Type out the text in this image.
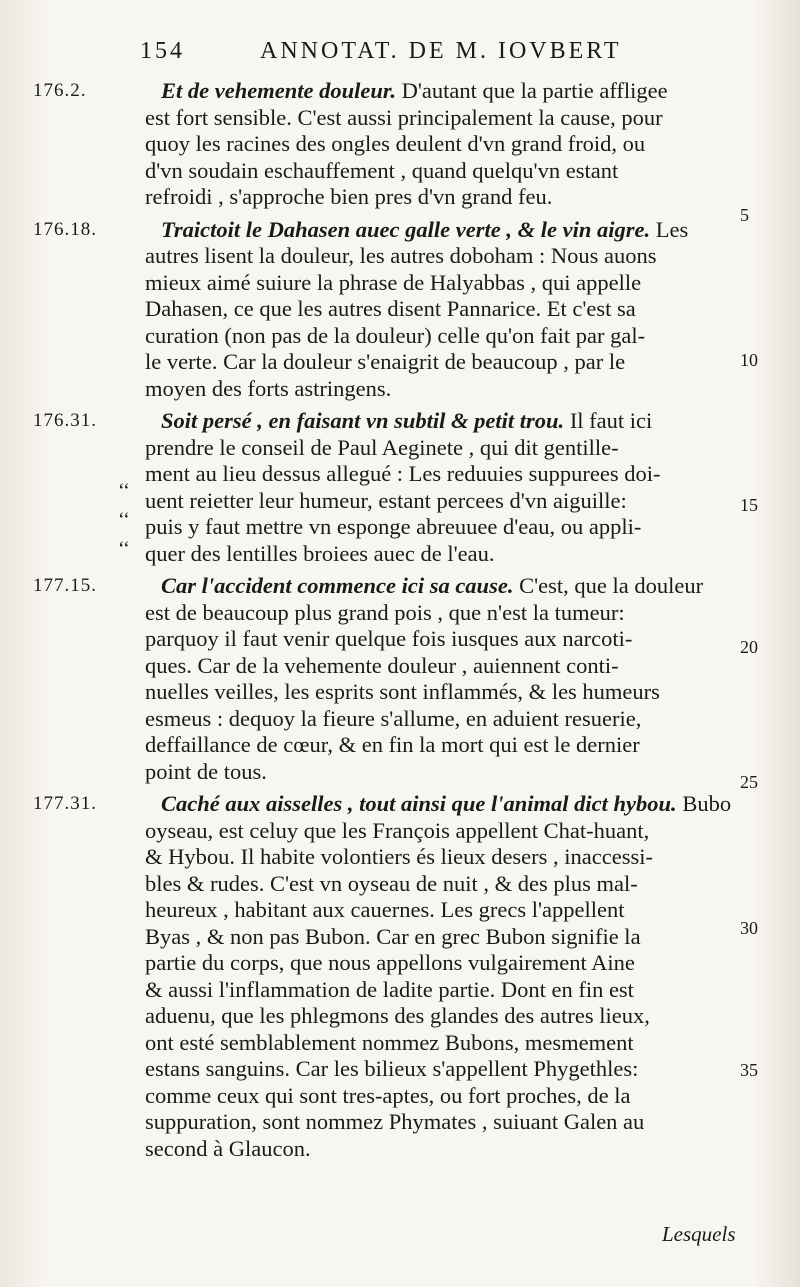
154	ANNOTAT. DE M. IOVBERT
176.2.	Et de vehemente douleur. D'autant que la partie affligee
est fort sensible. C'est aussi principalement la cause, pour
quoy les racines des ongles deulent d'vn grand froid, ou
d'vn soudain eschauffement , quand quelqu'vn estant
refroidi , s'approche bien pres d'vn grand feu.
176.18.	Traictoit le Dahasen auec galle verte , & le vin aigre. Les
autres lisent la douleur, les autres doboham : Nous auons
mieux aimé suiure la phrase de Halyabbas , qui appelle
Dahasen, ce que les autres disent Pannarice. Et c'est sa
curation (non pas de la douleur) celle qu'on fait par gal-
le verte. Car la douleur s'enaigrit de beaucoup , par le
moyen des forts astringens.
176.31.	Soit persé , en faisant vn subtil & petit trou. Il faut ici
prendre le conseil de Paul Aeginete , qui dit gentille-
ment au lieu dessus allegué : Les reduuies suppurees doi-
uent reietter leur humeur, estant percees d'vn aiguille:
puis y faut mettre vn esponge abreuuee d'eau, ou appli-
quer des lentilles broiees auec de l'eau.
177.15.	Car l'accident commence ici sa cause. C'est, que la douleur
est de beaucoup plus grand pois , que n'est la tumeur:
parquoy il faut venir quelque fois iusques aux narcoti-
ques. Car de la vehemente douleur , auiennent conti-
nuelles veilles, les esprits sont inflammés, & les humeurs
esmeus : dequoy la fieure s'allume, en aduient resuerie,
deffaillance de cœur, & en fin la mort qui est le dernier
point de tous.
177.31.	Caché aux aisselles , tout ainsi que l'animal dict hybou. Bubo
oyseau, est celuy que les François appellent Chat-huant,
& Hybou. Il habite volontiers és lieux desers , inaccessi-
bles & rudes. C'est vn oyseau de nuit , & des plus mal-
heureux , habitant aux cauernes. Les grecs l'appellent
Byas , & non pas Bubon. Car en grec Bubon signifie la
partie du corps, que nous appellons vulgairement Aine
& aussi l'inflammation de ladite partie. Dont en fin est
aduenu, que les phlegmons des glandes des autres lieux,
ont esté semblablement nommez Bubons, mesmement
estans sanguins. Car les bilieux s'appellent Phygethles:
comme ceux qui sont tres-aptes, ou fort proches, de la
suppuration, sont nommez Phymates , suiuant Galen au
second à Glaucon.
5
10
15
20
25
30
35
‘‘
‘‘
‘‘
Lesquels
